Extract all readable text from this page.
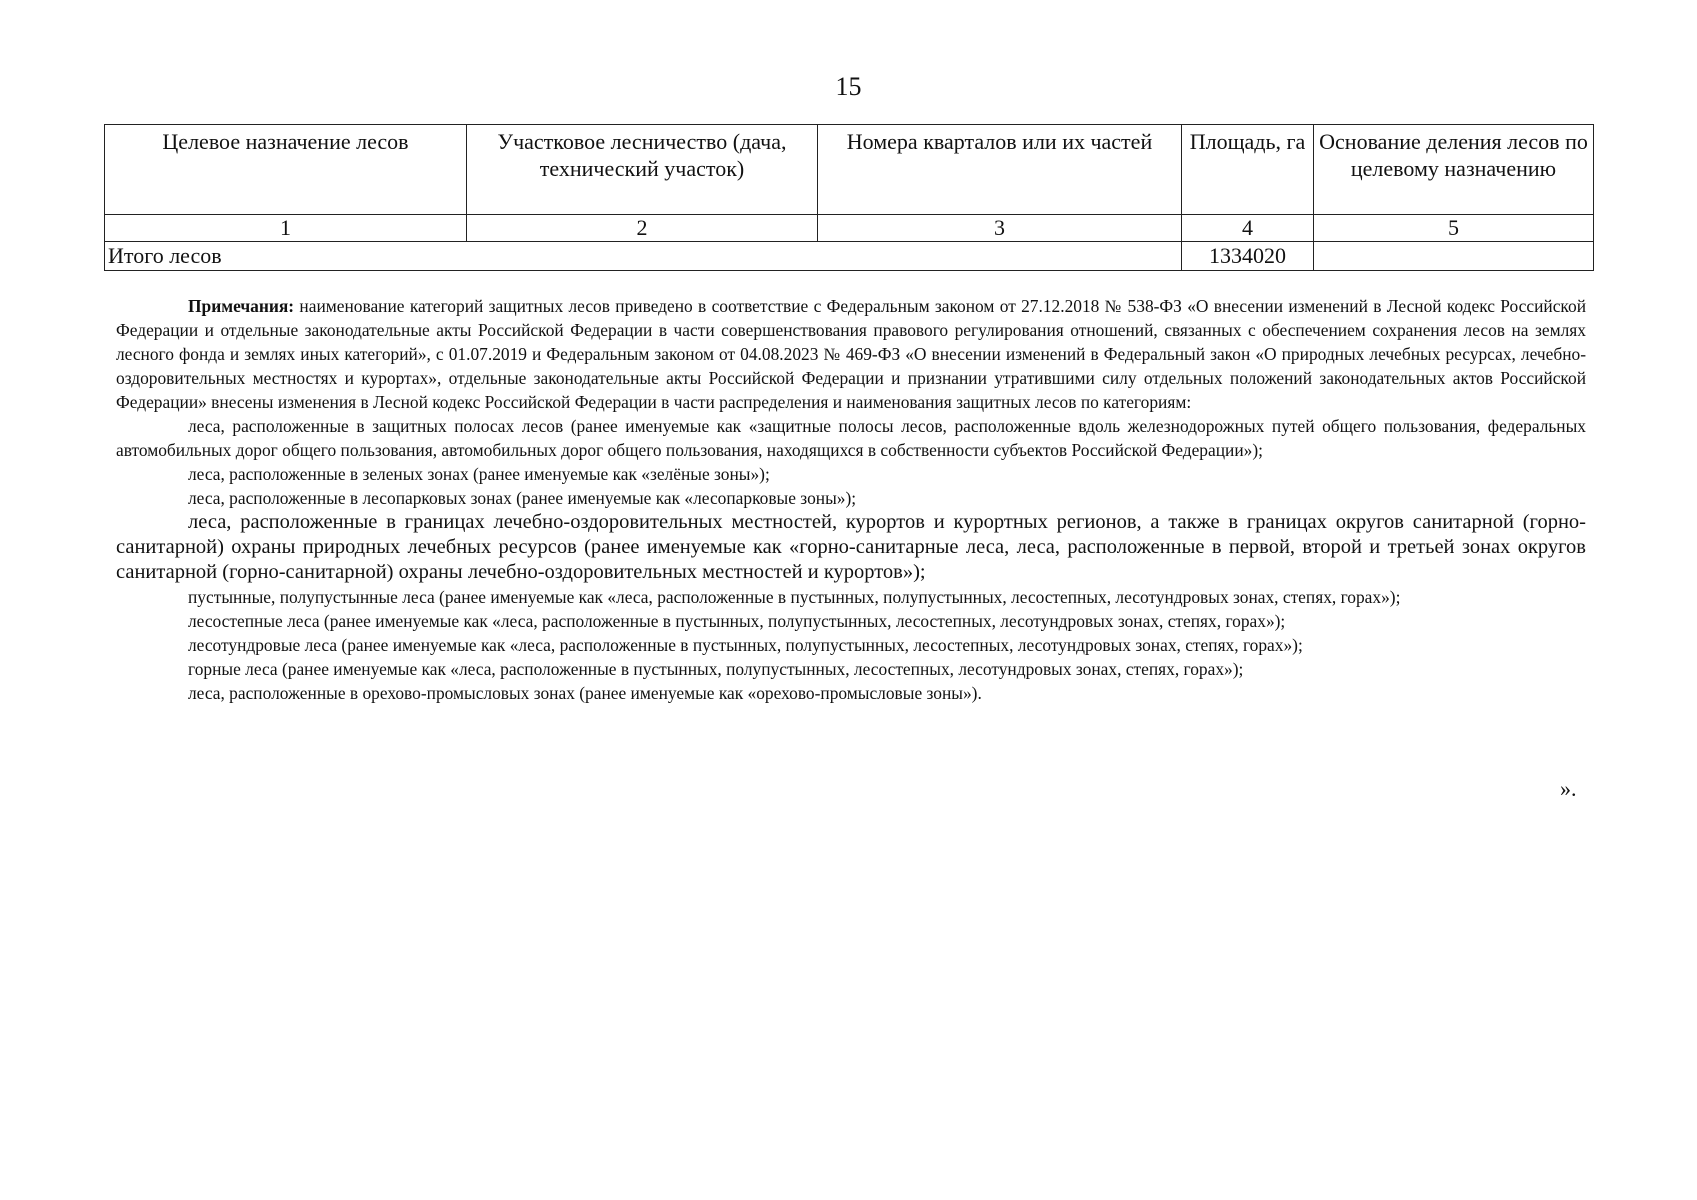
15
Целевое назначение лесов	Участковое лесничество (дача, технический участок)	Номера кварталов или их частей	Площадь, га	Основание деления лесов по целевому назначению
1	2	3	4	5
Итого лесов			1334020	

Примечания: наименование категорий защитных лесов приведено в соответствие с Федеральным законом от 27.12.2018 № 538-ФЗ «О внесении изменений в Лесной кодекс Российской Федерации и отдельные законодательные акты Российской Федерации в части совершенствования правового регулирования отношений, связанных с обеспечением сохранения лесов на землях лесного фонда и землях иных категорий», с 01.07.2019 и Федеральным законом от 04.08.2023 № 469-ФЗ «О внесении изменений в Федеральный закон «О природных лечебных ресурсах, лечебно-оздоровительных местностях и курортах», отдельные законодательные акты Российской Федерации и признании утратившими силу отдельных положений законодательных актов Российской Федерации» внесены изменения в Лесной кодекс Российской Федерации в части распределения и наименования защитных лесов по категориям:

леса, расположенные в защитных полосах лесов (ранее именуемые как «защитные полосы лесов, расположенные вдоль железнодорожных путей общего пользования, федеральных автомобильных дорог общего пользования, автомобильных дорог общего пользования, находящихся в собственности субъектов Российской Федерации»);

леса, расположенные в зеленых зонах (ранее именуемые как «зелёные зоны»);

леса, расположенные в лесопарковых зонах (ранее именуемые как «лесопарковые зоны»);

леса, расположенные в границах лечебно-оздоровительных местностей, курортов и курортных регионов, а также в границах округов санитарной (горно-санитарной) охраны природных лечебных ресурсов (ранее именуемые как «горно-санитарные леса, леса, расположенные в первой, второй и третьей зонах округов санитарной (горно-санитарной) охраны лечебно-оздоровительных местностей и курортов»);

пустынные, полупустынные леса (ранее именуемые как «леса, расположенные в пустынных, полупустынных, лесостепных, лесотундровых зонах, степях, горах»);

лесостепные леса (ранее именуемые как «леса, расположенные в пустынных, полупустынных, лесостепных, лесотундровых зонах, степях, горах»);

лесотундровые леса (ранее именуемые как «леса, расположенные в пустынных, полупустынных, лесостепных, лесотундровых зонах, степях, горах»);

горные леса (ранее именуемые как «леса, расположенные в пустынных, полупустынных, лесостепных, лесотундровых зонах, степях, горах»);

леса, расположенные в орехово-промысловых зонах (ранее именуемые как «орехово-промысловые зоны»).

».
